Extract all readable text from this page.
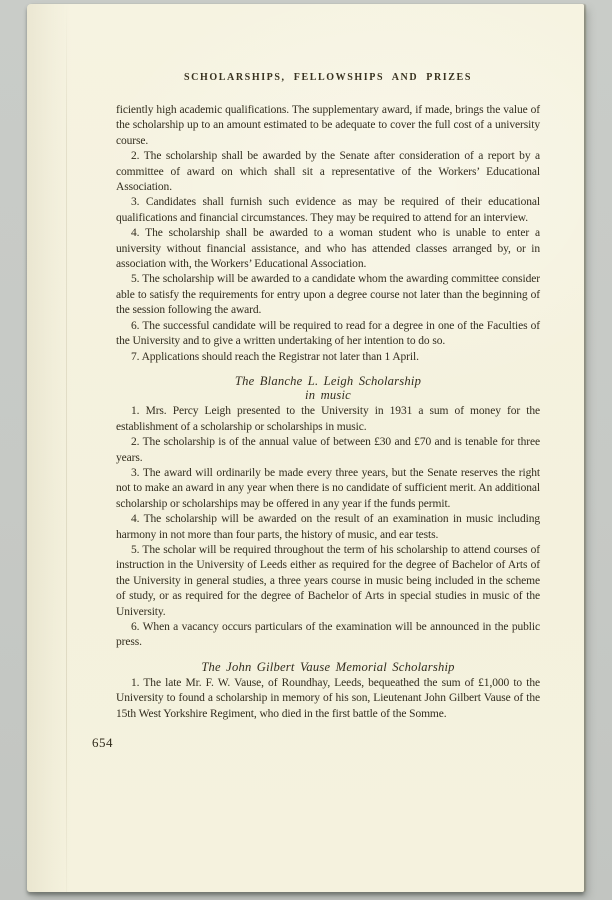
SCHOLARSHIPS, FELLOWSHIPS AND PRIZES

ficiently high academic qualifications. The supplementary award, if made, brings the value of the scholarship up to an amount estimated to be adequate to cover the full cost of a university course.

2. The scholarship shall be awarded by the Senate after consideration of a report by a committee of award on which shall sit a representative of the Workers’ Educational Association.

3. Candidates shall furnish such evidence as may be required of their educational qualifications and financial circumstances. They may be required to attend for an interview.

4. The scholarship shall be awarded to a woman student who is unable to enter a university without financial assistance, and who has attended classes arranged by, or in association with, the Workers’ Educational Association.

5. The scholarship will be awarded to a candidate whom the awarding committee consider able to satisfy the requirements for entry upon a degree course not later than the beginning of the session following the award.

6. The successful candidate will be required to read for a degree in one of the Faculties of the University and to give a written undertaking of her intention to do so.

7. Applications should reach the Registrar not later than 1 April.

The Blanche L. Leigh Scholarship
in music

1. Mrs. Percy Leigh presented to the University in 1931 a sum of money for the establishment of a scholarship or scholarships in music.

2. The scholarship is of the annual value of between £30 and £70 and is tenable for three years.

3. The award will ordinarily be made every three years, but the Senate reserves the right not to make an award in any year when there is no candidate of sufficient merit. An additional scholarship or scholarships may be offered in any year if the funds permit.

4. The scholarship will be awarded on the result of an examination in music including harmony in not more than four parts, the history of music, and ear tests.

5. The scholar will be required throughout the term of his scholarship to attend courses of instruction in the University of Leeds either as required for the degree of Bachelor of Arts of the University in general studies, a three years course in music being included in the scheme of study, or as required for the degree of Bachelor of Arts in special studies in music of the University.

6. When a vacancy occurs particulars of the examination will be announced in the public press.

The John Gilbert Vause Memorial Scholarship

1. The late Mr. F. W. Vause, of Roundhay, Leeds, bequeathed the sum of £1,000 to the University to found a scholarship in memory of his son, Lieutenant John Gilbert Vause of the 15th West Yorkshire Regiment, who died in the first battle of the Somme.

654
